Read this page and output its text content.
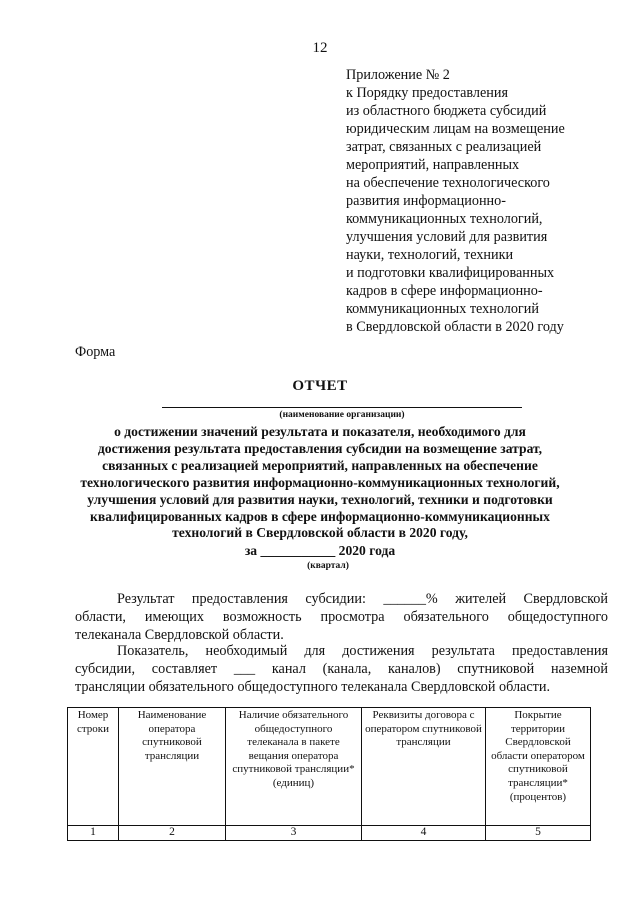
12
Приложение № 2
к Порядку предоставления
из областного бюджета субсидий
юридическим лицам на возмещение
затрат, связанных с реализацией
мероприятий, направленных
на обеспечение технологического
развития информационно-
коммуникационных технологий,
улучшения условий для развития
науки, технологий, техники
и подготовки квалифицированных
кадров в сфере информационно-
коммуникационных технологий
в Свердловской области в 2020 году
Форма
ОТЧЕТ
(наименование организации)
о достижении значений результата и показателя, необходимого для
достижения результата предоставления субсидии на возмещение затрат,
связанных с реализацией мероприятий, направленных на обеспечение
технологического развития информационно-коммуникационных технологий,
улучшения условий для развития науки, технологий, техники и подготовки
квалифицированных кадров в сфере информационно-коммуникационных
технологий в Свердловской области в 2020 году,
за ___________ 2020 года
(квартал)
Результат предоставления субсидии: ______% жителей Свердловской
области, имеющих возможность просмотра обязательного общедоступного
телеканала Свердловской области.
Показатель, необходимый для достижения результата предоставления
субсидии, составляет ___ канал (канала, каналов) спутниковой наземной
трансляции обязательного общедоступного телеканала Свердловской области.
Номер строки	Наименование оператора спутниковой трансляции	Наличие обязательного общедоступного телеканала в пакете вещания оператора спутниковой трансляции* (единиц)	Реквизиты договора с оператором спутниковой трансляции	Покрытие территории Свердловской области оператором спутниковой трансляции* (процентов)
1	2	3	4	5
